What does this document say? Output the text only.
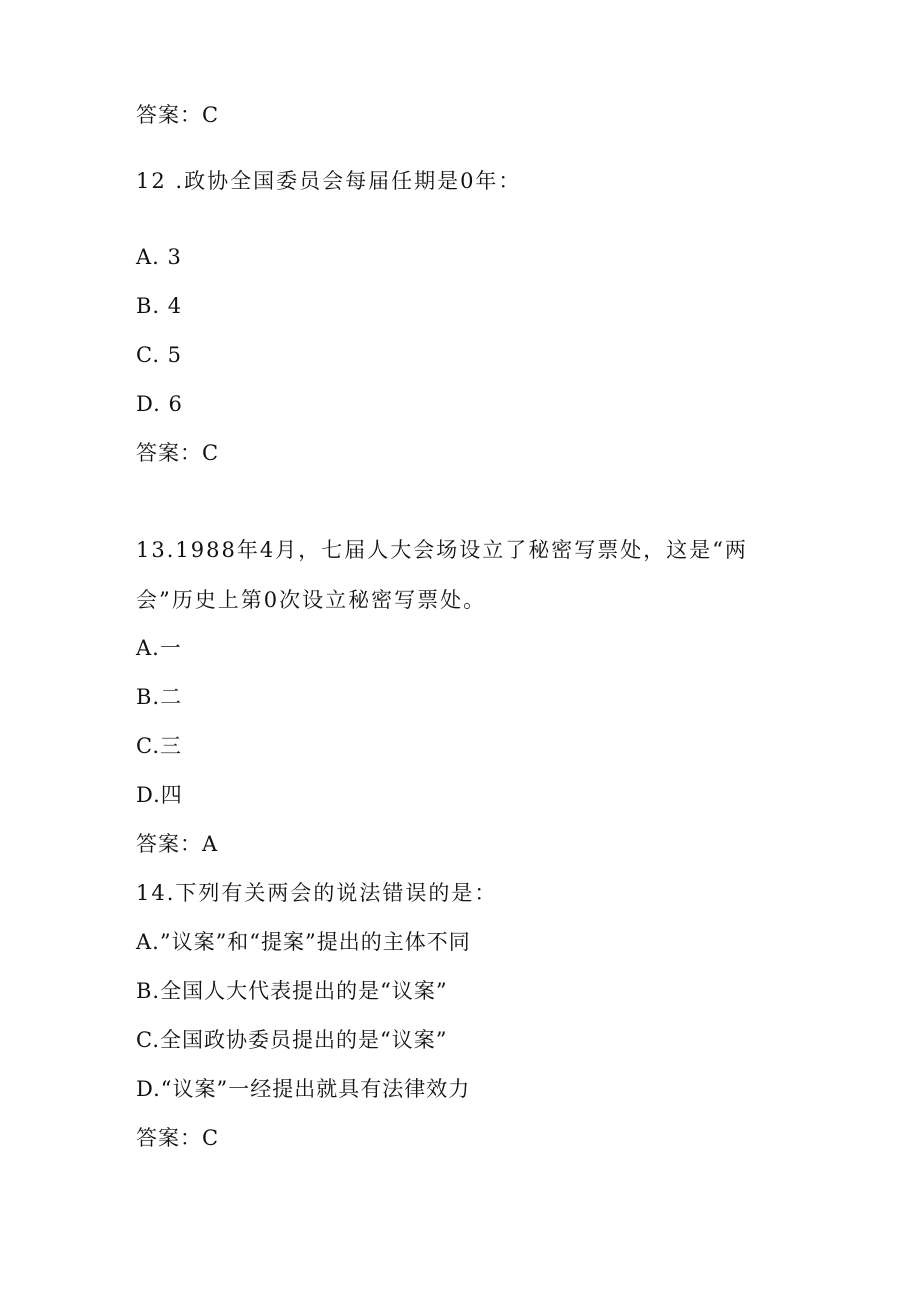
答案：C
12 .政协全国委员会每届任期是0年：
A. 3
B. 4
C. 5
D. 6
答案：C
13.1988年4月，七届人大会场设立了秘密写票处，这是“两
会”历史上第0次设立秘密写票处。
A.一
B.二
C.三
D.四
答案：A
14.下列有关两会的说法错误的是：
A.”议案”和“提案”提出的主体不同
B.全国人大代表提出的是“议案”
C.全国政协委员提出的是“议案”
D.“议案”一经提出就具有法律效力
答案：C
